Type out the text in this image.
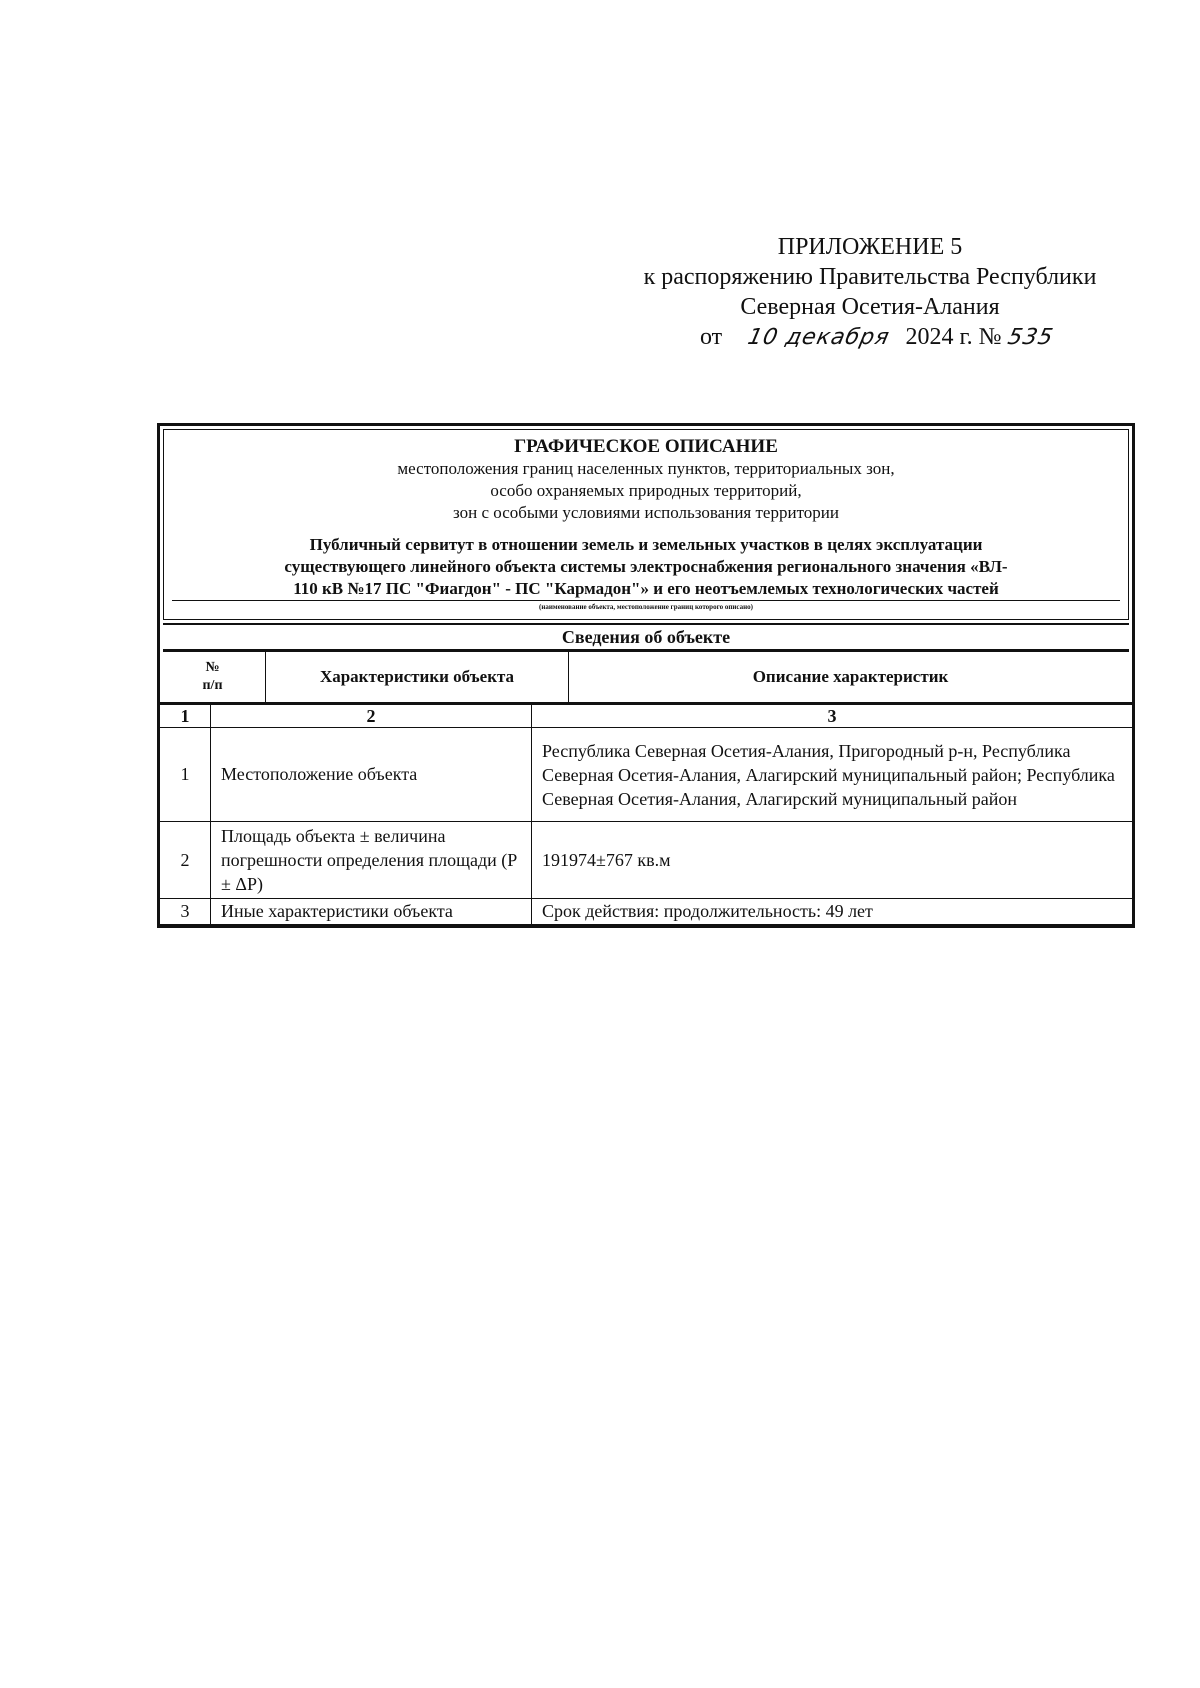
ПРИЛОЖЕНИЕ 5
к распоряжению Правительства Республики
Северная Осетия-Алания
от 10 декабря 2024 г. № 535
ГРАФИЧЕСКОЕ ОПИСАНИЕ
местоположения границ населенных пунктов, территориальных зон,
особо охраняемых природных территорий,
зон с особыми условиями использования территории
Публичный сервитут в отношении земель и земельных участков в целях эксплуатации
существующего линейного объекта системы электроснабжения регионального значения «ВЛ-
110 кВ №17 ПС "Фиагдон" - ПС "Кармадон"» и его неотъемлемых технологических частей
(наименование объекта, местоположение границ которого описано)
Сведения об объекте
№
п/п	Характеристики объекта	Описание характеристик
1	2	3
1	Местоположение объекта	Республика Северная Осетия-Алания, Пригородный р-н, Республика Северная Осетия-Алания, Алагирский муниципальный район; Республика Северная Осетия-Алания, Алагирский муниципальный район
2	Площадь объекта ± величина погрешности определения площади (P ± ΔP)	191974±767 кв.м
3	Иные характеристики объекта	Срок действия: продолжительность: 49 лет
